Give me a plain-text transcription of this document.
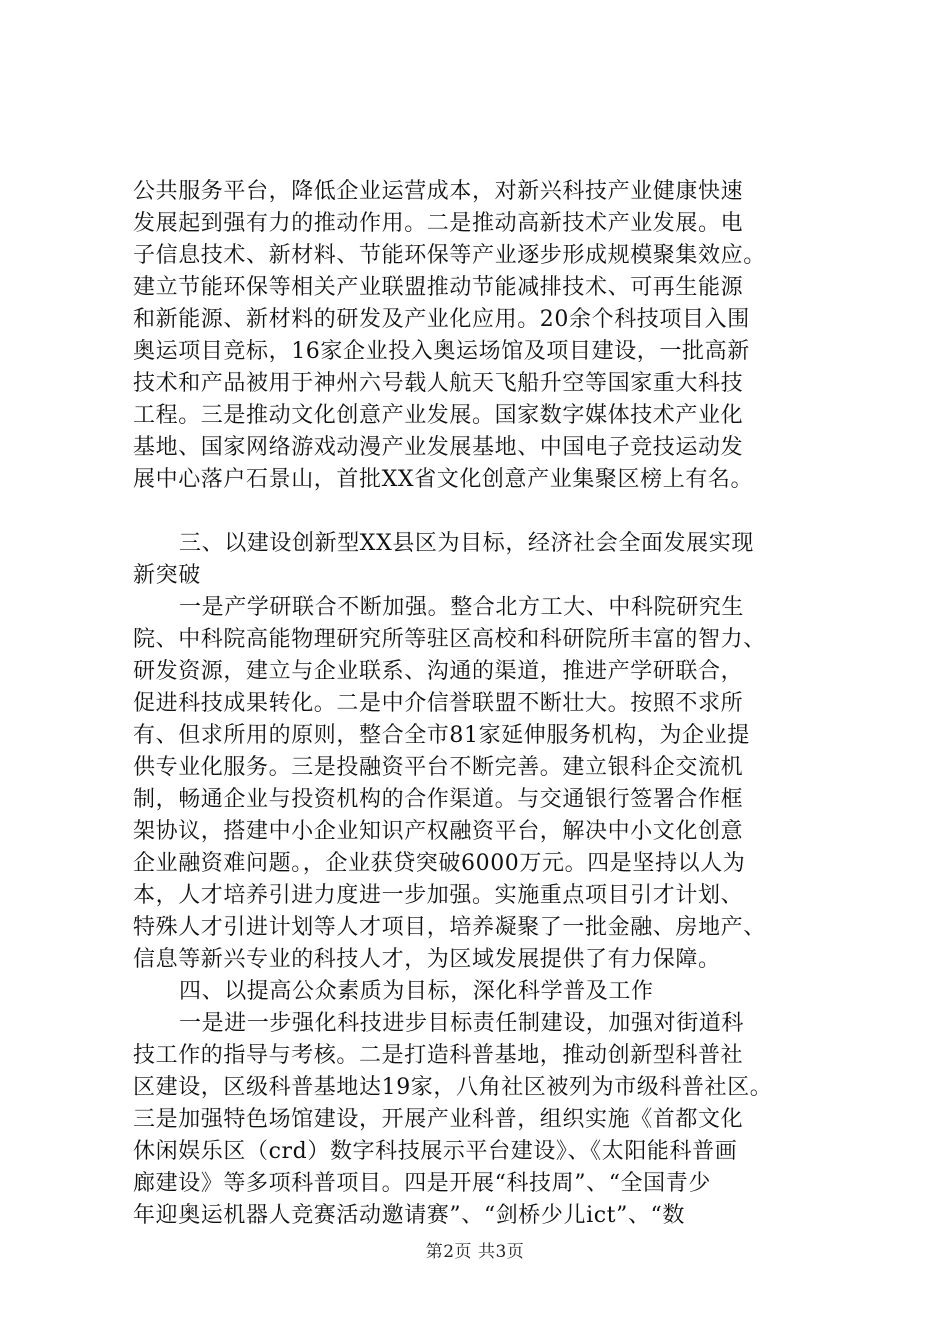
公共服务平台，降低企业运营成本，对新兴科技产业健康快速
发展起到强有力的推动作用。二是推动高新技术产业发展。电
子信息技术、新材料、节能环保等产业逐步形成规模聚集效应。
建立节能环保等相关产业联盟推动节能减排技术、可再生能源
和新能源、新材料的研发及产业化应用。20余个科技项目入围
奥运项目竞标，16家企业投入奥运场馆及项目建设，一批高新
技术和产品被用于神州六号载人航天飞船升空等国家重大科技
工程。三是推动文化创意产业发展。国家数字媒体技术产业化
基地、国家网络游戏动漫产业发展基地、中国电子竞技运动发
展中心落户石景山，首批XX省文化创意产业集聚区榜上有名。
三、以建设创新型XX县区为目标，经济社会全面发展实现
新突破
一是产学研联合不断加强。整合北方工大、中科院研究生
院、中科院高能物理研究所等驻区高校和科研院所丰富的智力、
研发资源，建立与企业联系、沟通的渠道，推进产学研联合，
促进科技成果转化。二是中介信誉联盟不断壮大。按照不求所
有、但求所用的原则，整合全市81家延伸服务机构，为企业提
供专业化服务。三是投融资平台不断完善。建立银科企交流机
制，畅通企业与投资机构的合作渠道。与交通银行签署合作框
架协议，搭建中小企业知识产权融资平台，解决中小文化创意
企业融资难问题。，企业获贷突破6000万元。四是坚持以人为
本，人才培养引进力度进一步加强。实施重点项目引才计划、
特殊人才引进计划等人才项目，培养凝聚了一批金融、房地产、
信息等新兴专业的科技人才，为区域发展提供了有力保障。
四、以提高公众素质为目标，深化科学普及工作
一是进一步强化科技进步目标责任制建设，加强对街道科
技工作的指导与考核。二是打造科普基地，推动创新型科普社
区建设，区级科普基地达19家，八角社区被列为市级科普社区。
三是加强特色场馆建设，开展产业科普，组织实施《首都文化
休闲娱乐区（crd）数字科技展示平台建设》、《太阳能科普画
廊建设》等多项科普项目。四是开展“科技周”、“全国青少
年迎奥运机器人竞赛活动邀请赛”、“剑桥少儿ict”、“数
第2页 共3页
